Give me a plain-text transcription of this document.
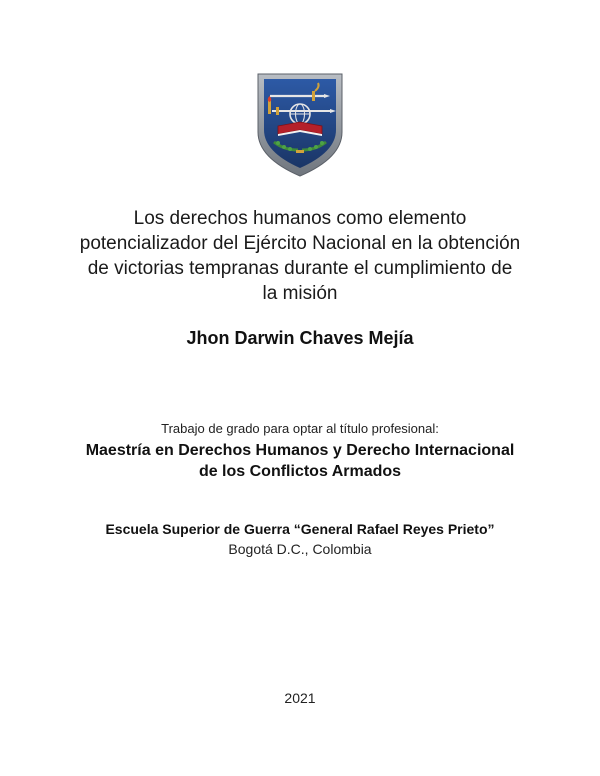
Los derechos humanos como elemento
potencializador del Ejército Nacional en la obtención
de victorias tempranas durante el cumplimiento de
la misión
Jhon Darwin Chaves Mejía
Trabajo de grado para optar al título profesional:
Maestría en Derechos Humanos y Derecho Internacional
de los Conflictos Armados
Escuela Superior de Guerra “General Rafael Reyes Prieto”
Bogotá D.C., Colombia
2021
